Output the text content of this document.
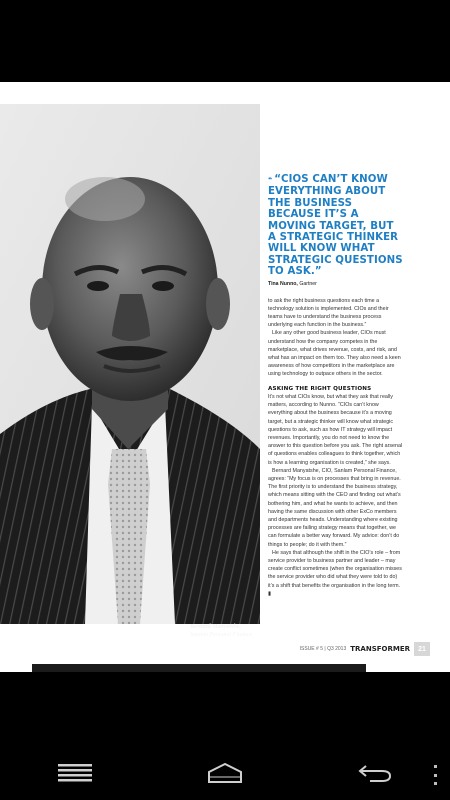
Bernard Manyatshe,
Sanlam Personal Finance
❝ “CIOS CAN’T KNOW EVERYTHING ABOUT THE BUSINESS BECAUSE IT’S A MOVING TARGET, BUT A STRATEGIC THINKER WILL KNOW WHAT STRATEGIC QUESTIONS TO ASK.”
Tina Nunno, Gartner

to ask the right business questions each time a technology solution is implemented. CIOs and their teams have to understand the business process underlying each function in the business.”

Like any other good business leader, CIOs must understand how the company competes in the marketplace, what drives revenue, costs, and risk, and what has an impact on them too. They also need a keen awareness of how competitors in the marketplace are using technology to outpace others in the sector.

ASKING THE RIGHT QUESTIONS

It’s not what CIOs know, but what they ask that really matters, according to Nunno. “CIOs can’t know everything about the business because it’s a moving target, but a strategic thinker will know what strategic questions to ask, such as how IT strategy will impact revenues. Importantly, you do not need to know the answer to this question before you ask. The right arsenal of questions enables colleagues to think together, which is how a learning organisation is created,” she says.

Bernard Manyatshe, CIO, Sanlam Personal Finance, agrees: “My focus is on processes that bring in revenue. The first priority is to understand the business strategy, which means sitting with the CEO and finding out what’s bothering him, and what he wants to achieve, and then having the same discussion with other ExCo members and departments heads. Understanding where existing processes are failing strategy means that together, we can formulate a better way forward. My advice: don’t do things to people; do it with them.”

He says that although the shift in the CIO’s role – from service provider to business partner and leader – may create conflict sometimes (when the organisation misses the service provider who did what they were told to do) it’s a shift that benefits the organisation in the long term. ▮

ISSUE # 5 | Q3 2013 TRANSFORMER	21
